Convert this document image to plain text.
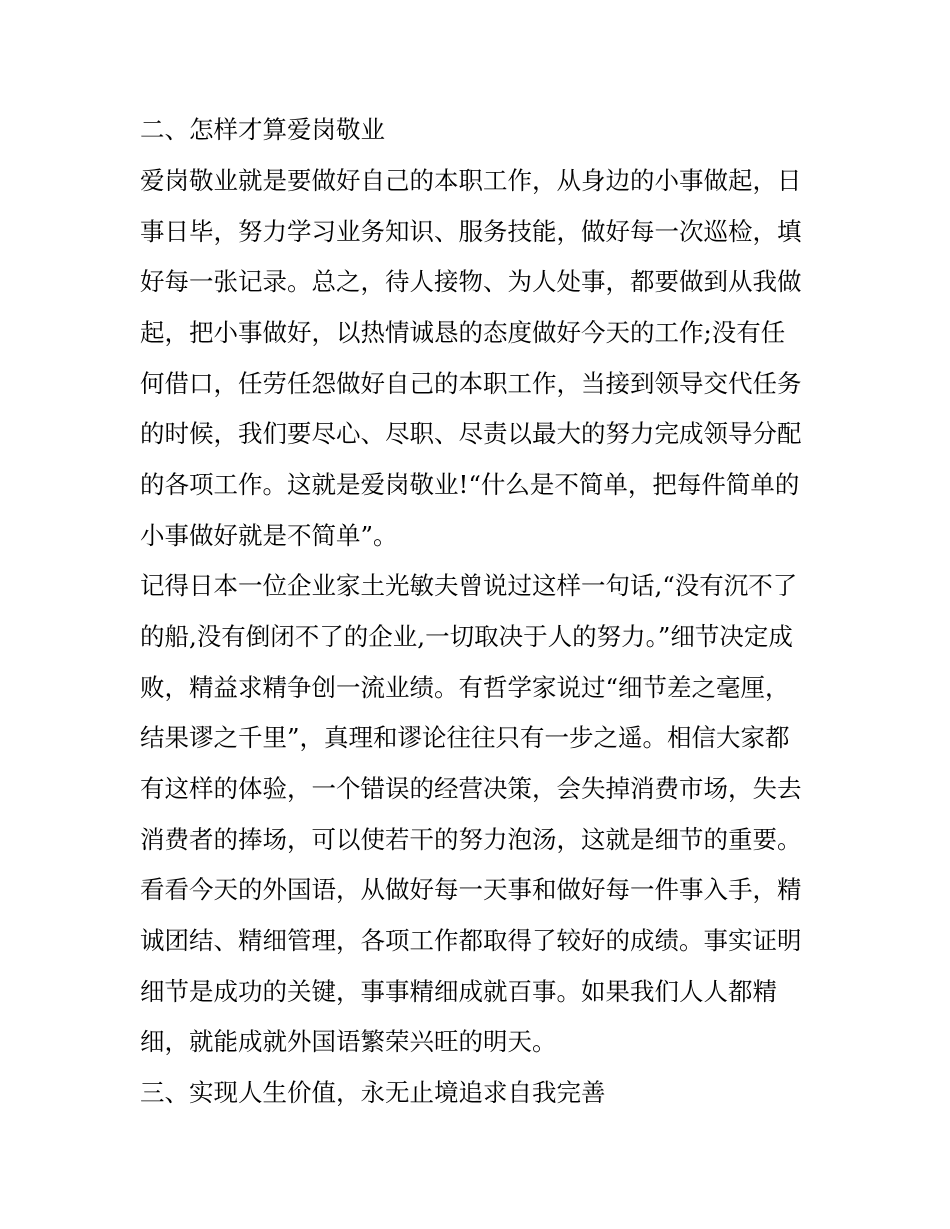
二、怎样才算爱岗敬业
爱岗敬业就是要做好自己的本职工作，从身边的小事做起，日
事日毕，努力学习业务知识、服务技能，做好每一次巡检，填
好每一张记录。总之，待人接物、为人处事，都要做到从我做
起，把小事做好，以热情诚恳的态度做好今天的工作;没有任
何借口，任劳任怨做好自己的本职工作，当接到领导交代任务
的时候，我们要尽心、尽职、尽责以最大的努力完成领导分配
的各项工作。这就是爱岗敬业!“什么是不简单，把每件简单的
小事做好就是不简单”。
记得日本一位企业家土光敏夫曾说过这样一句话,“没有沉不了
的船,没有倒闭不了的企业,一切取决于人的努力。”细节决定成
败，精益求精争创一流业绩。有哲学家说过“细节差之毫厘，
结果谬之千里”，真理和谬论往往只有一步之遥。相信大家都
有这样的体验，一个错误的经营决策，会失掉消费市场，失去
消费者的捧场，可以使若干的努力泡汤，这就是细节的重要。
看看今天的外国语，从做好每一天事和做好每一件事入手，精
诚团结、精细管理，各项工作都取得了较好的成绩。事实证明
细节是成功的关键，事事精细成就百事。如果我们人人都精
细，就能成就外国语繁荣兴旺的明天。
三、实现人生价值，永无止境追求自我完善
